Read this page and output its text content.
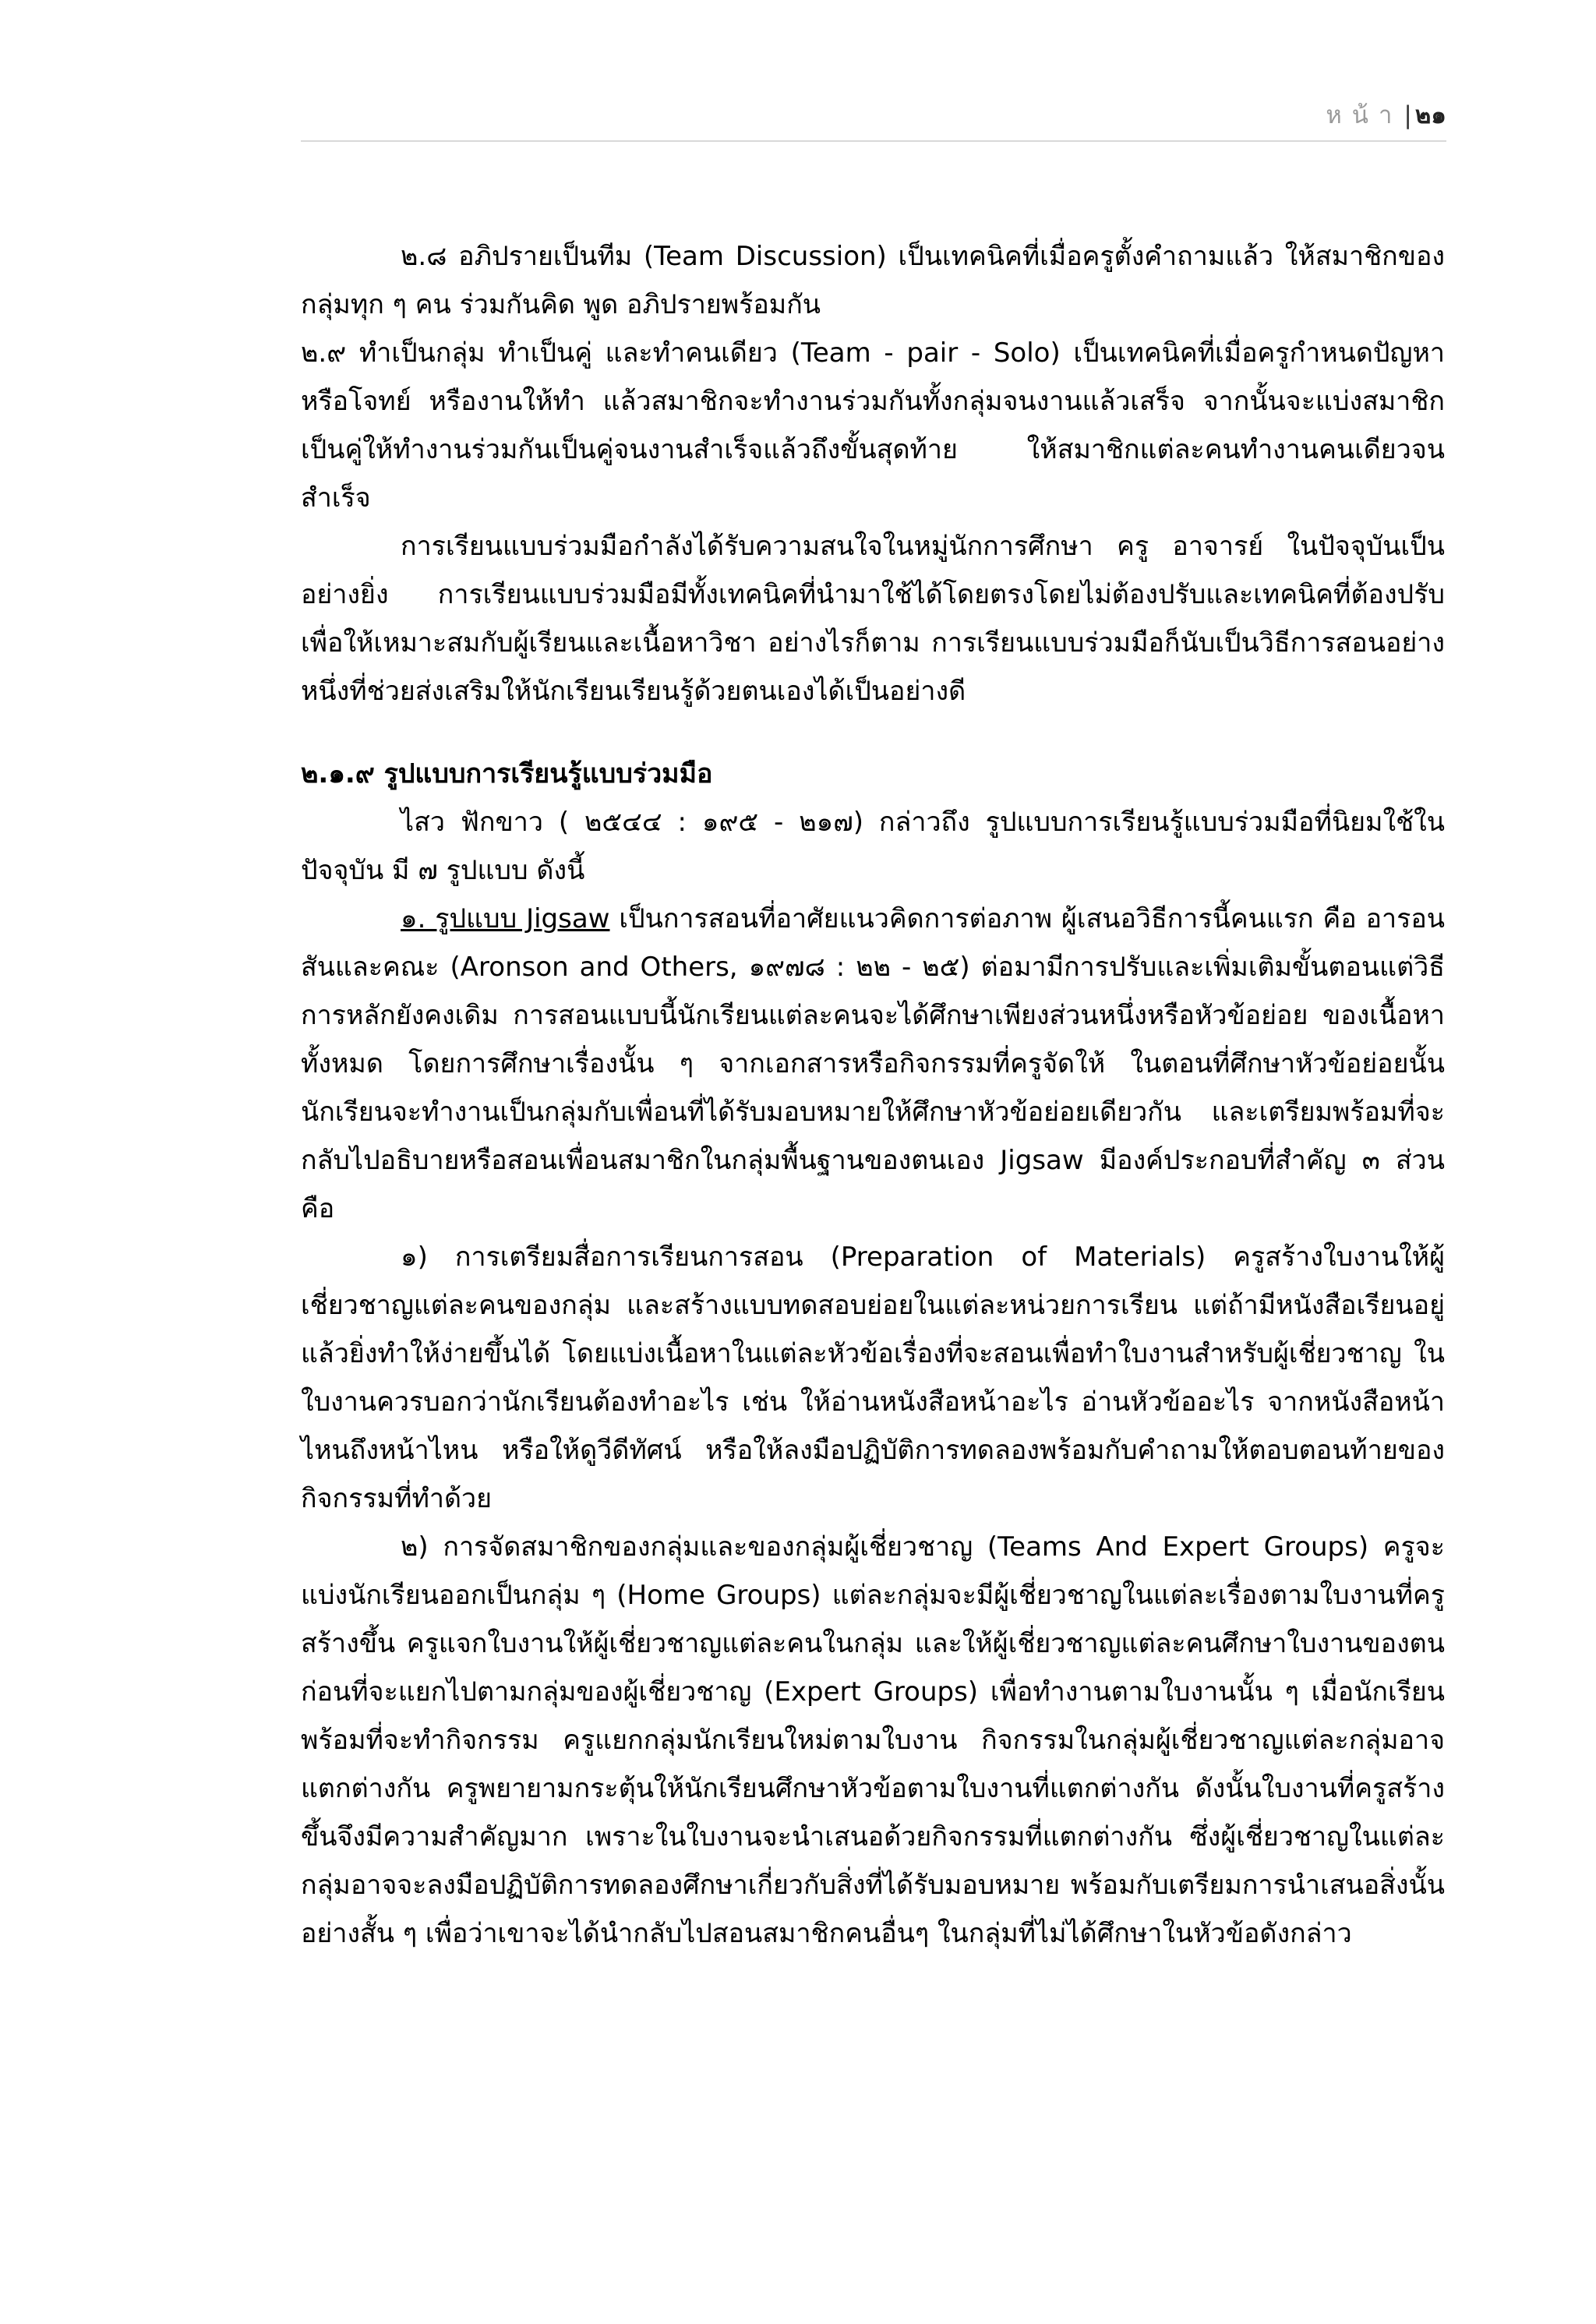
หน้า| ๒๑

๒.๘ อภิปรายเป็นทีม (Team Discussion) เป็นเทคนิคที่เมื่อครูตั้งคำถามแล้ว ให้สมาชิกของกลุ่มทุก ๆ คน ร่วมกันคิด พูด อภิปรายพร้อมกัน

๒.๙ ทำเป็นกลุ่ม ทำเป็นคู่ และทำคนเดียว (Team - pair - Solo) เป็นเทคนิคที่เมื่อครูกำหนดปัญหา หรือโจทย์ หรืองานให้ทำ แล้วสมาชิกจะทำงานร่วมกันทั้งกลุ่มจนงานแล้วเสร็จ จากนั้นจะแบ่งสมาชิกเป็นคู่ให้ทำงานร่วมกันเป็นคู่จนงานสำเร็จแล้วถึงขั้นสุดท้าย ให้สมาชิกแต่ละคนทำงานคนเดียวจนสำเร็จ

การเรียนแบบร่วมมือกำลังได้รับความสนใจในหมู่นักการศึกษา ครู อาจารย์ ในปัจจุบันเป็นอย่างยิ่ง การเรียนแบบร่วมมือมีทั้งเทคนิคที่นำมาใช้ได้โดยตรงโดยไม่ต้องปรับและเทคนิคที่ต้องปรับเพื่อให้เหมาะสมกับผู้เรียนและเนื้อหาวิชา อย่างไรก็ตาม การเรียนแบบร่วมมือก็นับเป็นวิธีการสอนอย่างหนึ่งที่ช่วยส่งเสริมให้นักเรียนเรียนรู้ด้วยตนเองได้เป็นอย่างดี

๒.๑.๙ รูปแบบการเรียนรู้แบบร่วมมือ

ไสว ฟักขาว ( ๒๕๔๔ : ๑๙๕ - ๒๑๗) กล่าวถึง รูปแบบการเรียนรู้แบบร่วมมือที่นิยมใช้ในปัจจุบัน มี ๗ รูปแบบ ดังนี้

๑. รูปแบบ Jigsaw เป็นการสอนที่อาศัยแนวคิดการต่อภาพ ผู้เสนอวิธีการนี้คนแรก คือ อารอนสันและคณะ (Aronson and Others, ๑๙๗๘ : ๒๒ - ๒๕) ต่อมามีการปรับและเพิ่มเติมขั้นตอนแต่วิธีการหลักยังคงเดิม การสอนแบบนี้นักเรียนแต่ละคนจะได้ศึกษาเพียงส่วนหนึ่งหรือหัวข้อย่อย ของเนื้อหาทั้งหมด โดยการศึกษาเรื่องนั้น ๆ จากเอกสารหรือกิจกรรมที่ครูจัดให้ ในตอนที่ศึกษาหัวข้อย่อยนั้น นักเรียนจะทำงานเป็นกลุ่มกับเพื่อนที่ได้รับมอบหมายให้ศึกษาหัวข้อย่อยเดียวกัน และเตรียมพร้อมที่จะกลับไปอธิบายหรือสอนเพื่อนสมาชิกในกลุ่มพื้นฐานของตนเอง Jigsaw มีองค์ประกอบที่สำคัญ ๓ ส่วน คือ

๑) การเตรียมสื่อการเรียนการสอน (Preparation of Materials) ครูสร้างใบงานให้ผู้เชี่ยวชาญแต่ละคนของกลุ่ม และสร้างแบบทดสอบย่อยในแต่ละหน่วยการเรียน แต่ถ้ามีหนังสือเรียนอยู่แล้วยิ่งทำให้ง่ายขึ้นได้ โดยแบ่งเนื้อหาในแต่ละหัวข้อเรื่องที่จะสอนเพื่อทำใบงานสำหรับผู้เชี่ยวชาญ ในใบงานควรบอกว่านักเรียนต้องทำอะไร เช่น ให้อ่านหนังสือหน้าอะไร อ่านหัวข้ออะไร จากหนังสือหน้าไหนถึงหน้าไหน หรือให้ดูวีดีทัศน์ หรือให้ลงมือปฏิบัติการทดลองพร้อมกับคำถามให้ตอบตอนท้ายของกิจกรรมที่ทำด้วย

๒) การจัดสมาชิกของกลุ่มและของกลุ่มผู้เชี่ยวชาญ (Teams And Expert Groups) ครูจะแบ่งนักเรียนออกเป็นกลุ่ม ๆ (Home Groups) แต่ละกลุ่มจะมีผู้เชี่ยวชาญในแต่ละเรื่องตามใบงานที่ครูสร้างขึ้น ครูแจกใบงานให้ผู้เชี่ยวชาญแต่ละคนในกลุ่ม และให้ผู้เชี่ยวชาญแต่ละคนศึกษาใบงานของตนก่อนที่จะแยกไปตามกลุ่มของผู้เชี่ยวชาญ (Expert Groups) เพื่อทำงานตามใบงานนั้น ๆ เมื่อนักเรียนพร้อมที่จะทำกิจกรรม ครูแยกกลุ่มนักเรียนใหม่ตามใบงาน กิจกรรมในกลุ่มผู้เชี่ยวชาญแต่ละกลุ่มอาจแตกต่างกัน ครูพยายามกระตุ้นให้นักเรียนศึกษาหัวข้อตามใบงานที่แตกต่างกัน ดังนั้นใบงานที่ครูสร้างขึ้นจึงมีความสำคัญมาก เพราะในใบงานจะนำเสนอด้วยกิจกรรมที่แตกต่างกัน ซึ่งผู้เชี่ยวชาญในแต่ละกลุ่มอาจจะลงมือปฏิบัติการทดลองศึกษาเกี่ยวกับสิ่งที่ได้รับมอบหมาย พร้อมกับเตรียมการนำเสนอสิ่งนั้นอย่างสั้น ๆ เพื่อว่าเขาจะได้นำกลับไปสอนสมาชิกคนอื่นๆ ในกลุ่มที่ไม่ได้ศึกษาในหัวข้อดังกล่าว
